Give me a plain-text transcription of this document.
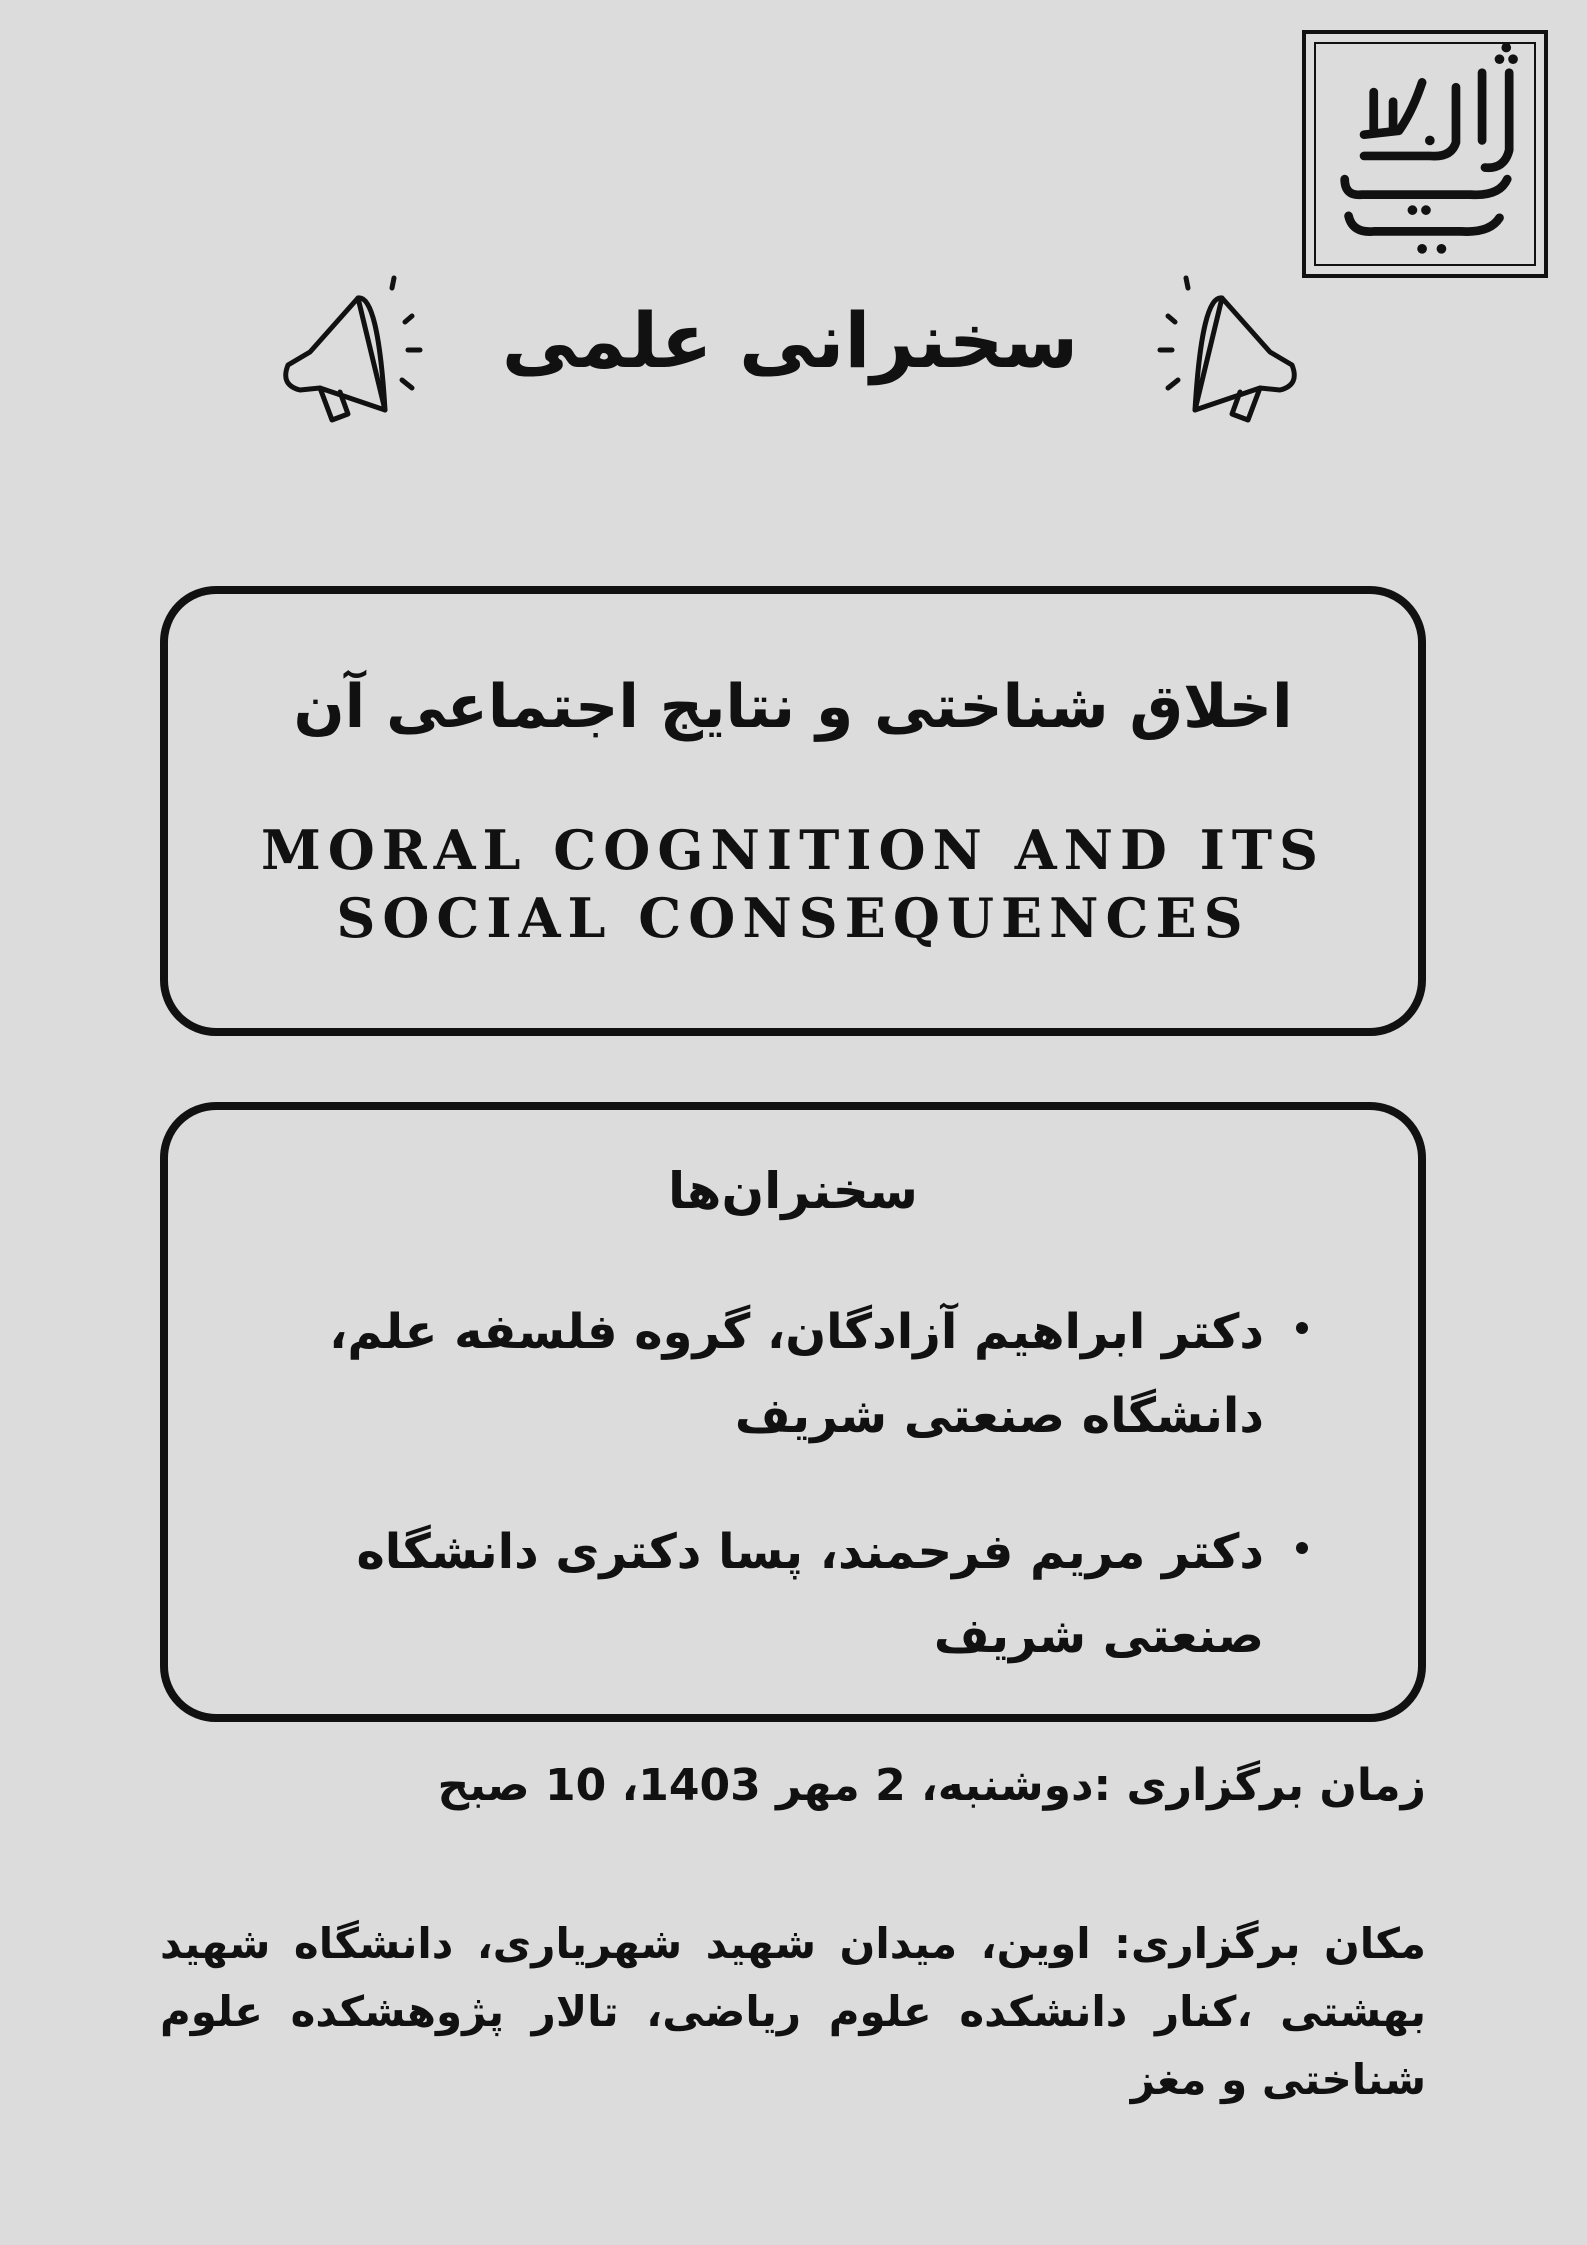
سخنرانی علمی
اخلاق شناختی و نتایج اجتماعی آن
MORAL COGNITION AND ITS
SOCIAL CONSEQUENCES
سخنران‌ها
دکتر ابراهیم آزادگان، گروه فلسفه علم، دانشگاه صنعتی شریف
دکتر مریم فرحمند، پسا دکتری دانشگاه صنعتی شریف
زمان برگزاری :دوشنبه، 2 مهر 1403، 10 صبح
مکان برگزاری: اوین، میدان شهید شهریاری، دانشگاه شهید بهشتی ،کنار دانشکده علوم ریاضی، تالار پژوهشکده علوم شناختی و مغز
